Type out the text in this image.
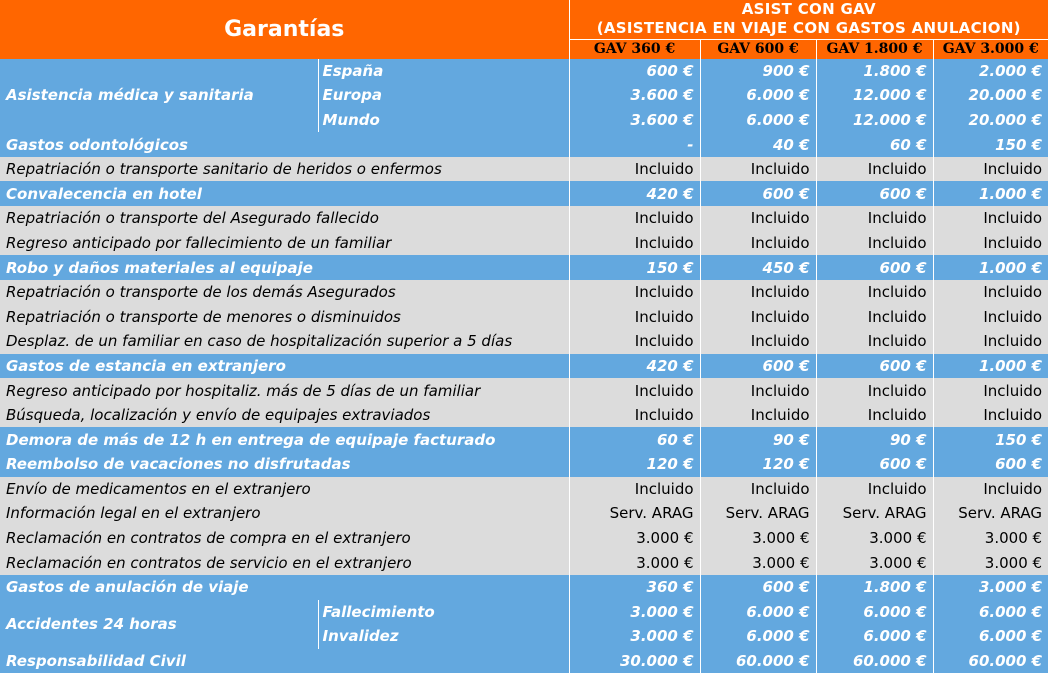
Garantías		ASIST CON GAV
(ASISTENCIA EN VIAJE CON GASTOS ANULACION)			

		GAV 360 €	GAV 600 €	GAV 1.800 €	GAV 3.000 €
Asistencia médica y sanitaria	España	600 €	900 €	1.800 €	2.000 €
	Europa	3.600 €	6.000 €	12.000 €	20.000 €
	Mundo	3.600 €	6.000 €	12.000 €	20.000 €
Gastos odontológicos		-	40 €	60 €	150 €
Repatriación o transporte sanitario de heridos o enfermos		Incluido	Incluido	Incluido	Incluido
Convalecencia en hotel		420 €	600 €	600 €	1.000 €
Repatriación o transporte del Asegurado fallecido		Incluido	Incluido	Incluido	Incluido
Regreso anticipado por fallecimiento de un familiar		Incluido	Incluido	Incluido	Incluido
Robo y daños materiales al equipaje		150 €	450 €	600 €	1.000 €
Repatriación o transporte de los demás Asegurados		Incluido	Incluido	Incluido	Incluido
Repatriación o transporte de menores o disminuidos		Incluido	Incluido	Incluido	Incluido
Desplaz. de un familiar en caso de hospitalización superior a 5 días		Incluido	Incluido	Incluido	Incluido
Gastos de estancia en extranjero		420 €	600 €	600 €	1.000 €
Regreso anticipado por hospitaliz. más de 5 días de un familiar		Incluido	Incluido	Incluido	Incluido
Búsqueda, localización y envío de equipajes extraviados		Incluido	Incluido	Incluido	Incluido
Demora de más de 12 h en entrega de equipaje facturado		60 €	90 €	90 €	150 €
Reembolso de vacaciones no disfrutadas		120 €	120 €	600 €	600 €
Envío de medicamentos en el extranjero		Incluido	Incluido	Incluido	Incluido
Información legal en el extranjero		Serv. ARAG	Serv. ARAG	Serv. ARAG	Serv. ARAG
Reclamación en contratos de compra en el extranjero		3.000 €	3.000 €	3.000 €	3.000 €
Reclamación en contratos de servicio en el extranjero		3.000 €	3.000 €	3.000 €	3.000 €
Gastos de anulación de viaje		360 €	600 €	1.800 €	3.000 €
Accidentes 24 horas	Fallecimiento	3.000 €	6.000 €	6.000 €	6.000 €
	Invalidez	3.000 €	6.000 €	6.000 €	6.000 €
Responsabilidad Civil		30.000 €	60.000 €	60.000 €	60.000 €
